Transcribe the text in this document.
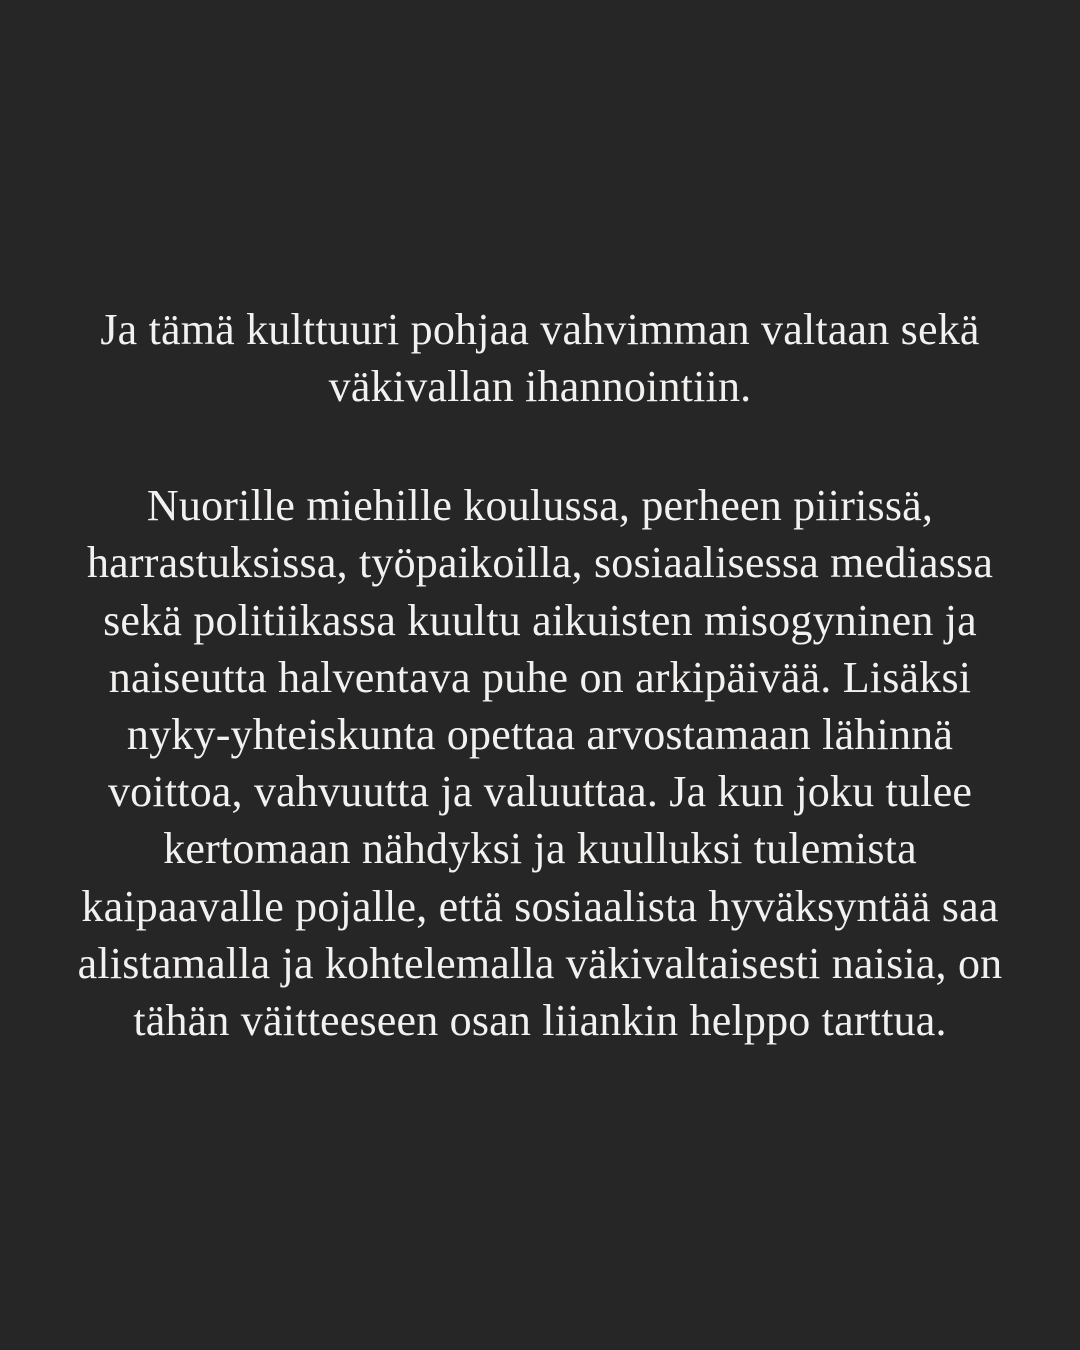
Ja tämä kulttuuri pohjaa vahvimman valtaan sekä väkivallan ihannointiin.

Nuorille miehille koulussa, perheen piirissä, harrastuksissa, työpaikoilla, sosiaalisessa mediassa sekä politiikassa kuultu aikuisten misogyninen ja naiseutta halventava puhe on arkipäivää. Lisäksi nyky-yhteiskunta opettaa arvostamaan lähinnä voittoa, vahvuutta ja valuuttaa. Ja kun joku tulee kertomaan nähdyksi ja kuulluksi tulemista kaipaavalle pojalle, että sosiaalista hyväksyntää saa alistamalla ja kohtelemalla väkivaltaisesti naisia, on tähän väitteeseen osan liiankin helppo tarttua.
